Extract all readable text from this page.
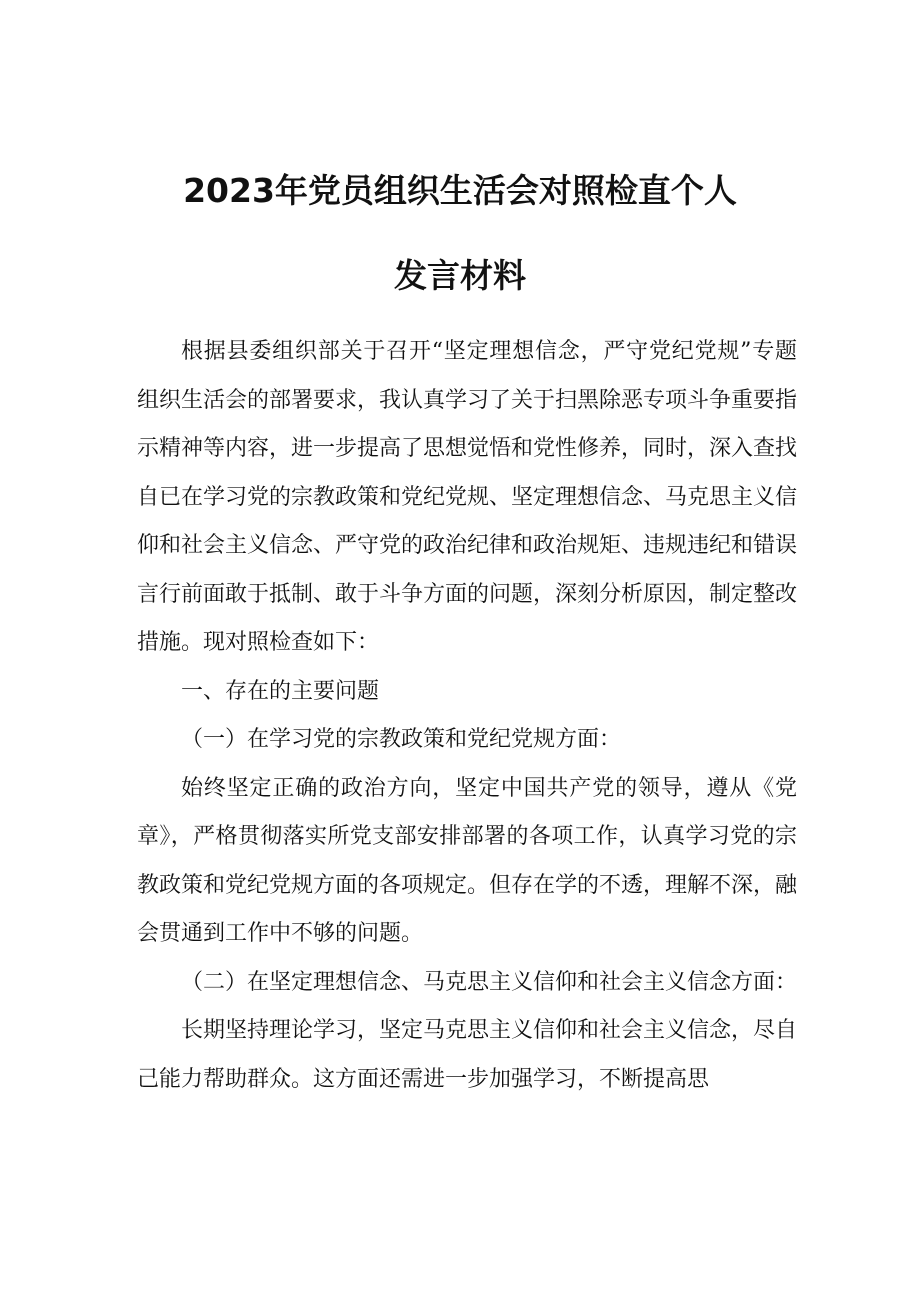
2023年党员组织生活会对照检直个人
发言材料

根据县委组织部关于召开“坚定理想信念，严守党纪党规”专题组织生活会的部署要求，我认真学习了关于扫黑除恶专项斗争重要指示精神等内容，进一步提高了思想觉悟和党性修养，同时，深入查找自已在学习党的宗教政策和党纪党规、坚定理想信念、马克思主义信仰和社会主义信念、严守党的政治纪律和政治规矩、违规违纪和错误言行前面敢于抵制、敢于斗争方面的问题，深刻分析原因，制定整改措施。现对照检查如下：

一、存在的主要问题

（一）在学习党的宗教政策和党纪党规方面：

始终坚定正确的政治方向，坚定中国共产党的领导，遵从《党章》，严格贯彻落实所党支部安排部署的各项工作，认真学习党的宗教政策和党纪党规方面的各项规定。但存在学的不透，理解不深，融会贯通到工作中不够的问题。

（二）在坚定理想信念、马克思主义信仰和社会主义信念方面：

长期坚持理论学习，坚定马克思主义信仰和社会主义信念，尽自己能力帮助群众。这方面还需进一步加强学习，不断提高思
